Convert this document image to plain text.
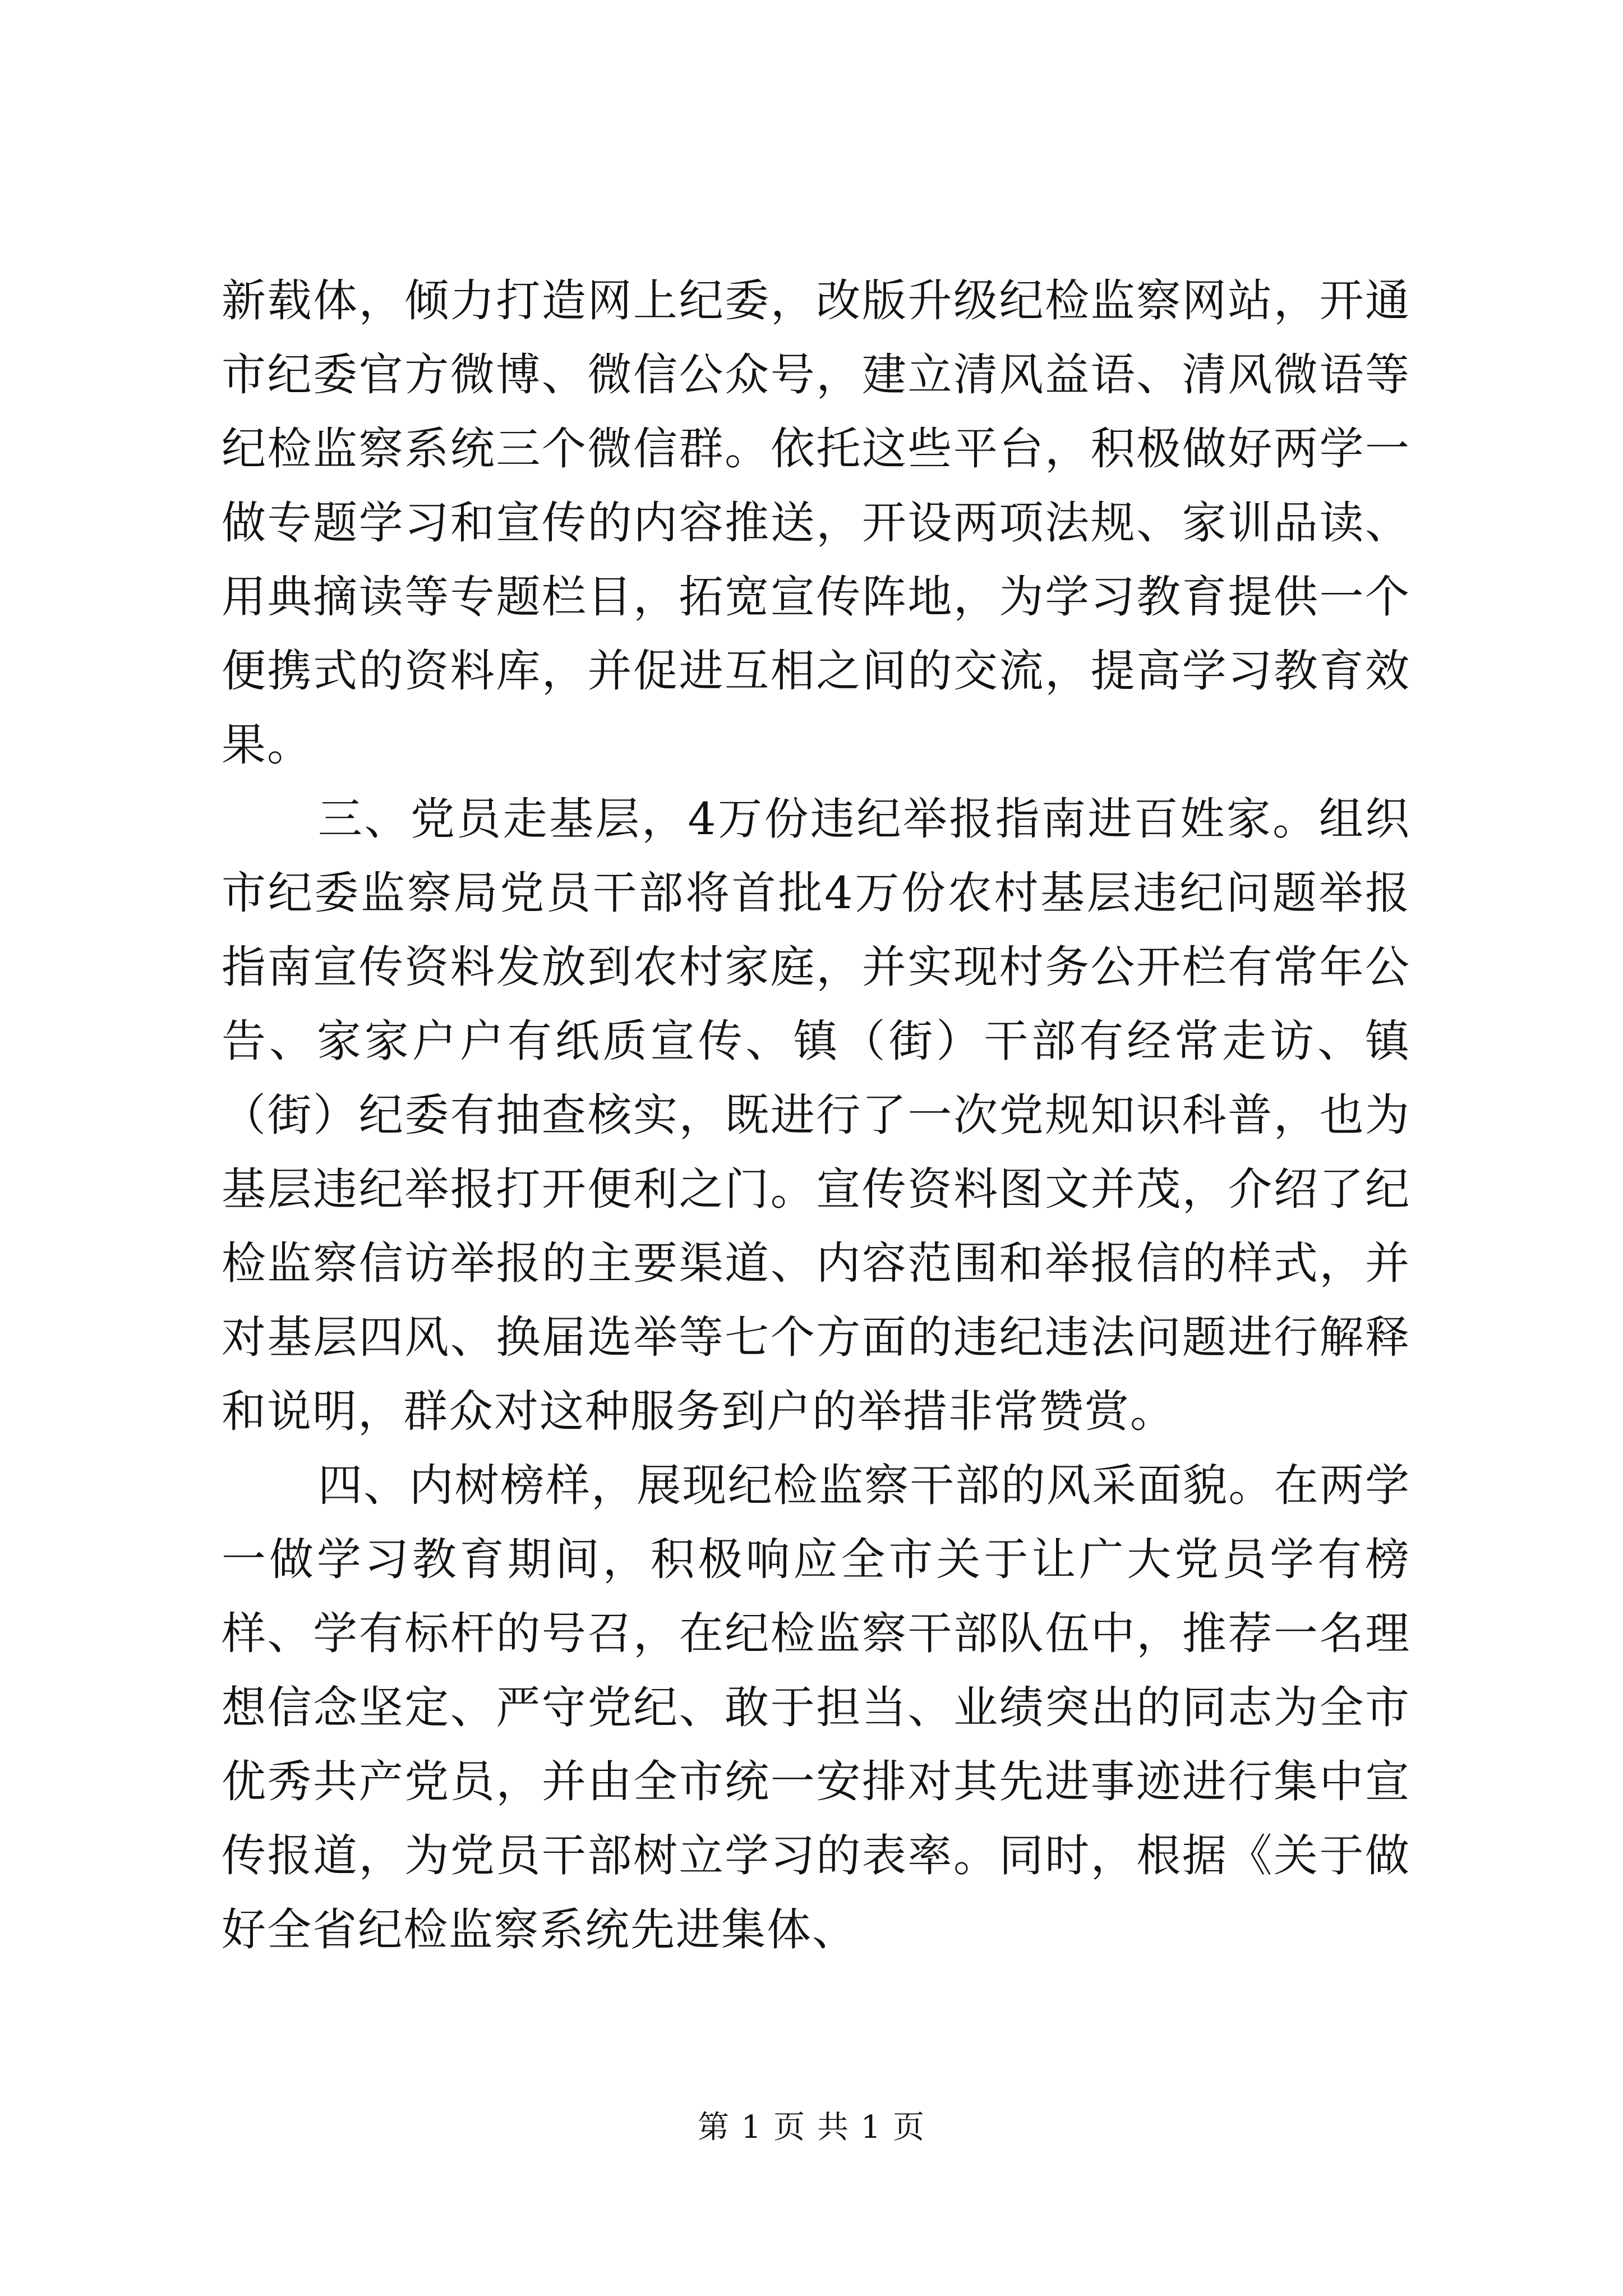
新载体，倾力打造网上纪委，改版升级纪检监察网站，开通市纪委官方微博、微信公众号，建立清风益语、清风微语等纪检监察系统三个微信群。依托这些平台，积极做好两学一做专题学习和宣传的内容推送，开设两项法规、家训品读、用典摘读等专题栏目，拓宽宣传阵地，为学习教育提供一个便携式的资料库，并促进互相之间的交流，提高学习教育效果。

三、党员走基层，4万份违纪举报指南进百姓家。组织市纪委监察局党员干部将首批4万份农村基层违纪问题举报指南宣传资料发放到农村家庭，并实现村务公开栏有常年公告、家家户户有纸质宣传、镇（街）干部有经常走访、镇（街）纪委有抽查核实，既进行了一次党规知识科普，也为基层违纪举报打开便利之门。宣传资料图文并茂，介绍了纪检监察信访举报的主要渠道、内容范围和举报信的样式，并对基层四风、换届选举等七个方面的违纪违法问题进行解释和说明，群众对这种服务到户的举措非常赞赏。

四、内树榜样，展现纪检监察干部的风采面貌。在两学一做学习教育期间，积极响应全市关于让广大党员学有榜样、学有标杆的号召，在纪检监察干部队伍中，推荐一名理想信念坚定、严守党纪、敢于担当、业绩突出的同志为全市优秀共产党员，并由全市统一安排对其先进事迹进行集中宣传报道，为党员干部树立学习的表率。同时，根据《关于做好全省纪检监察系统先进集体、

第 1 页 共 1 页
